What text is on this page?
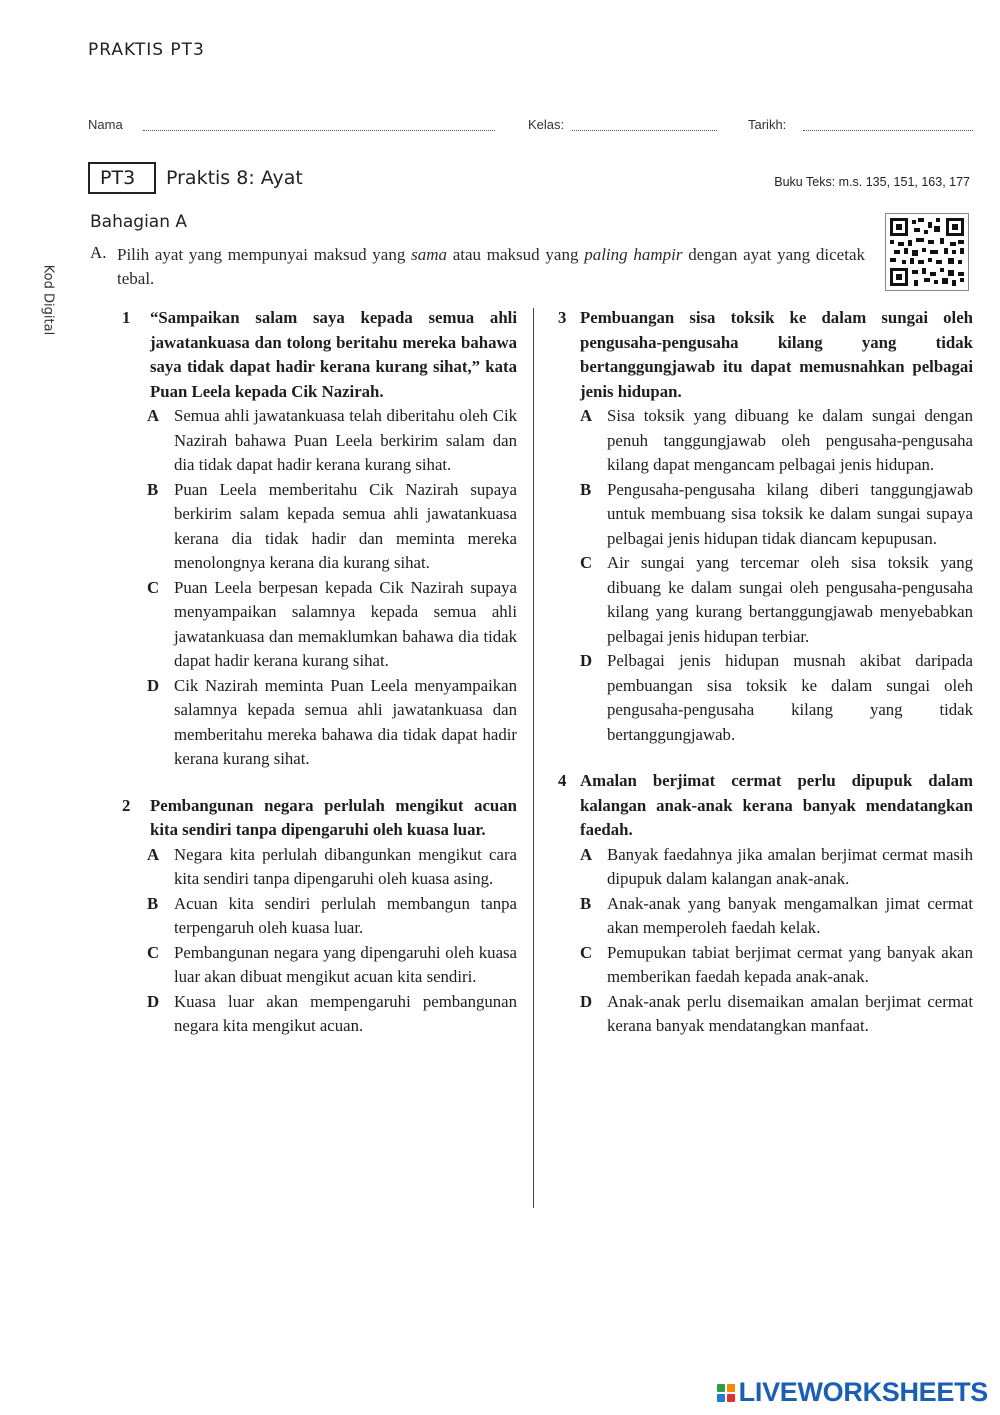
PRAKTIS PT3
Nama	Kelas:	Tarikh:
PT3	Praktis 8: Ayat	Buku Teks: m.s. 135, 151, 163, 177
Kod Digital
Bahagian A
A. Pilih ayat yang mempunyai maksud yang sama atau maksud yang paling hampir dengan ayat yang dicetak tebal.
1	“Sampaikan salam saya kepada semua ahli jawatankuasa dan tolong beritahu mereka bahawa saya tidak dapat hadir kerana kurang sihat,” kata Puan Leela kepada Cik Nazirah.
A Semua ahli jawatankuasa telah diberitahu oleh Cik Nazirah bahawa Puan Leela berkirim salam dan dia tidak dapat hadir kerana kurang sihat.
B Puan Leela memberitahu Cik Nazirah supaya berkirim salam kepada semua ahli jawatankuasa kerana dia tidak hadir dan meminta mereka menolongnya kerana dia kurang sihat.
C Puan Leela berpesan kepada Cik Nazirah supaya menyampaikan salamnya kepada semua ahli jawatankuasa dan memaklumkan bahawa dia tidak dapat hadir kerana kurang sihat.
D Cik Nazirah meminta Puan Leela menyampaikan salamnya kepada semua ahli jawatankuasa dan memberitahu mereka bahawa dia tidak dapat hadir kerana kurang sihat.
2	Pembangunan negara perlulah mengikut acuan kita sendiri tanpa dipengaruhi oleh kuasa luar.
A Negara kita perlulah dibangunkan mengikut cara kita sendiri tanpa dipengaruhi oleh kuasa asing.
B Acuan kita sendiri perlulah membangun tanpa terpengaruh oleh kuasa luar.
C Pembangunan negara yang dipengaruhi oleh kuasa luar akan dibuat mengikut acuan kita sendiri.
D Kuasa luar akan mempengaruhi pembangunan negara kita mengikut acuan.
3 Pembuangan sisa toksik ke dalam sungai oleh pengusaha-pengusaha kilang yang tidak bertanggungjawab itu dapat memusnahkan pelbagai jenis hidupan.
A Sisa toksik yang dibuang ke dalam sungai dengan penuh tanggungjawab oleh pengusaha-pengusaha kilang dapat mengancam pelbagai jenis hidupan.
B Pengusaha-pengusaha kilang diberi tanggungjawab untuk membuang sisa toksik ke dalam sungai supaya pelbagai jenis hidupan tidak diancam kepupusan.
C Air sungai yang tercemar oleh sisa toksik yang dibuang ke dalam sungai oleh pengusaha-pengusaha kilang yang kurang bertanggungjawab menyebabkan pelbagai jenis hidupan terbiar.
D Pelbagai jenis hidupan musnah akibat daripada pembuangan sisa toksik ke dalam sungai oleh pengusaha-pengusaha kilang yang tidak bertanggungjawab.
4 Amalan berjimat cermat perlu dipupuk dalam kalangan anak-anak kerana banyak mendatangkan faedah.
A Banyak faedahnya jika amalan berjimat cermat masih dipupuk dalam kalangan anak-anak.
B Anak-anak yang banyak mengamalkan jimat cermat akan memperoleh faedah kelak.
C Pemupukan tabiat berjimat cermat yang banyak akan memberikan faedah kepada anak-anak.
D Anak-anak perlu disemaikan amalan berjimat cermat kerana banyak mendatangkan manfaat.
LIVEWORKSHEETS
